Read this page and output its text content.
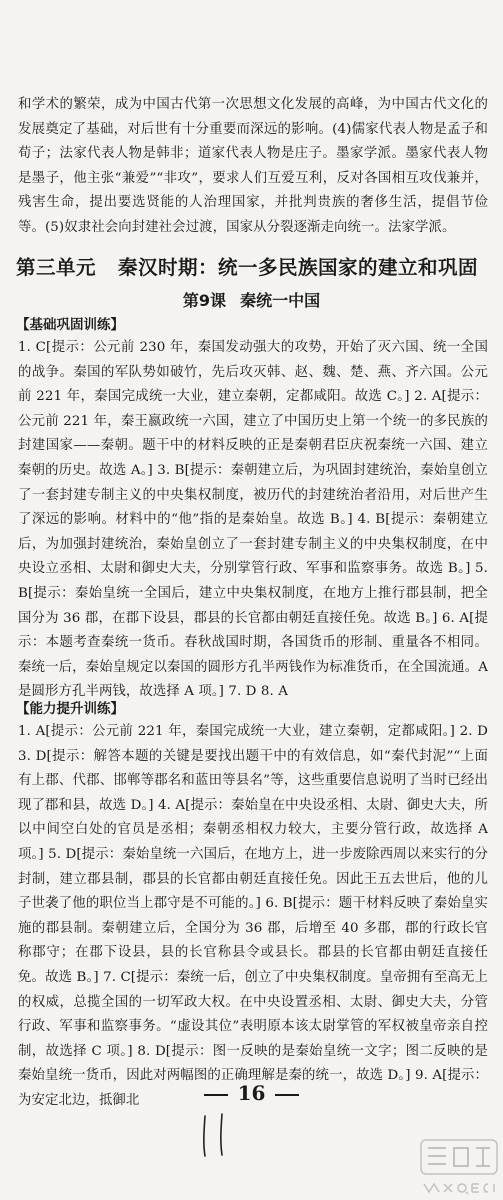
和学术的繁荣，成为中国古代第一次思想文化发展的高峰，为中国古代文化的发展奠定了基础，对后世有十分重要而深远的影响。(4)儒家代表人物是孟子和荀子；法家代表人物是韩非；道家代表人物是庄子。墨家学派。墨家代表人物是墨子，他主张“兼爱”“非攻”，要求人们互爱互利，反对各国相互攻伐兼并，残害生命，提出要选贤能的人治理国家，并批判贵族的奢侈生活，提倡节俭等。(5)奴隶社会向封建社会过渡，国家从分裂逐渐走向统一。法家学派。

第三单元 秦汉时期：统一多民族国家的建立和巩固
第9课 秦统一中国
【基础巩固训练】

1. C[提示：公元前 230 年，秦国发动强大的攻势，开始了灭六国、统一全国的战争。秦国的军队势如破竹，先后攻灭韩、赵、魏、楚、燕、齐六国。公元前 221 年，秦国完成统一大业，建立秦朝，定都咸阳。故选 C。] 2. A[提示：公元前 221 年，秦王嬴政统一六国，建立了中国历史上第一个统一的多民族的封建国家——秦朝。题干中的材料反映的正是秦朝君臣庆祝秦统一六国、建立秦朝的历史。故选 A。] 3. B[提示：秦朝建立后，为巩固封建统治，秦始皇创立了一套封建专制主义的中央集权制度，被历代的封建统治者沿用，对后世产生了深远的影响。材料中的“他”指的是秦始皇。故选 B。] 4. B[提示：秦朝建立后，为加强封建统治，秦始皇创立了一套封建专制主义的中央集权制度，在中央设立丞相、太尉和御史大夫，分别掌管行政、军事和监察事务。故选 B。] 5. B[提示：秦始皇统一全国后，建立中央集权制度，在地方上推行郡县制，把全国分为 36 郡，在郡下设县，郡县的长官都由朝廷直接任免。故选 B。] 6. A[提示：本题考查秦统一货币。春秋战国时期，各国货币的形制、重量各不相同。秦统一后，秦始皇规定以秦国的圆形方孔半两钱作为标准货币，在全国流通。A 是圆形方孔半两钱，故选择 A 项。] 7. D 8. A

【能力提升训练】

1. A[提示：公元前 221 年，秦国完成统一大业，建立秦朝，定都咸阳。] 2. D 3. D[提示：解答本题的关键是要找出题干中的有效信息，如“秦代封泥”“上面有上郡、代郡、邯郸等郡名和蓝田等县名”等，这些重要信息说明了当时已经出现了郡和县，故选 D。] 4. A[提示：秦始皇在中央设丞相、太尉、御史大夫，所以中间空白处的官员是丞相；秦朝丞相权力较大，主要分管行政，故选择 A 项。] 5. D[提示：秦始皇统一六国后，在地方上，进一步废除西周以来实行的分封制，建立郡县制，郡县的长官都由朝廷直接任免。因此王五去世后，他的儿子世袭了他的职位当上郡守是不可能的。] 6. B[提示：题干材料反映了秦始皇实施的郡县制。秦朝建立后，全国分为 36 郡，后增至 40 多郡，郡的行政长官称郡守；在郡下设县，县的长官称县令或县长。郡县的长官都由朝廷直接任免。故选 B。] 7. C[提示：秦统一后，创立了中央集权制度。皇帝拥有至高无上的权威，总揽全国的一切军政大权。在中央设置丞相、太尉、御史大夫，分管行政、军事和监察事务。“虚设其位”表明原本该太尉掌管的军权被皇帝亲自控制，故选择 C 项。] 8. D[提示：图一反映的是秦始皇统一文字；图二反映的是秦始皇统一货币，因此对两幅图的正确理解是秦的统一，故选 D。] 9. A[提示：为安定北边，抵御北	16
